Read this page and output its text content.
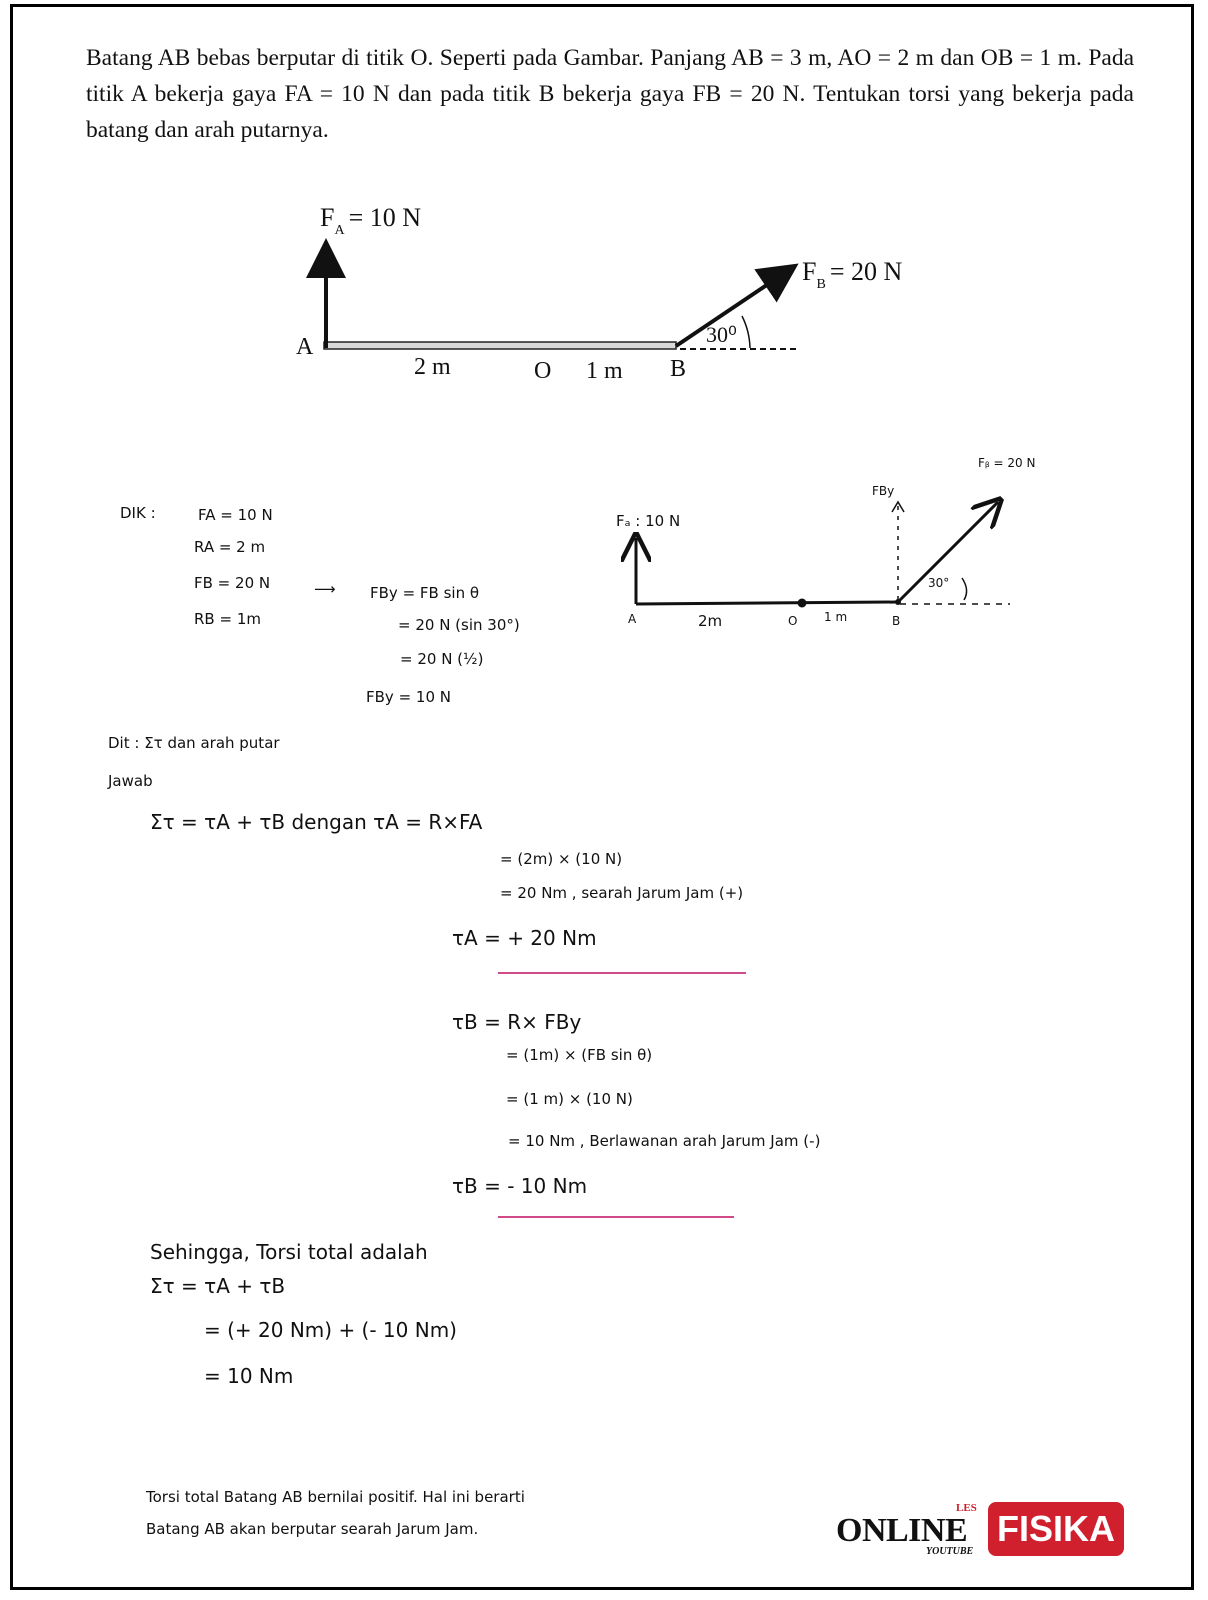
Batang AB bebas berputar di titik O. Seperti pada Gambar. Panjang AB = 3 m, AO = 2 m dan OB = 1 m. Pada titik A bekerja gaya FA = 10 N dan pada titik B bekerja gaya FB = 20 N. Tentukan torsi yang bekerja pada batang dan arah putarnya.
$F_A = 10$ N
$F_B = 20$ N
30⁰
A
2 m	O 1 m B
Fₐ : 10 N
Fᵦ = 20 N
FBy
30°
A	2m	O 1 m	B
DIK :	FA = 10 N
RA = 2 m
FB = 20 N
RB = 1m
⟶ FBy = FB sin θ
= 20 N (sin 30°)
= 20 N (½)
FBy = 10 N
Dit : Στ dan arah putar
Jawab
Στ = τA + τB dengan τA = R×FA
= (2m) × (10 N)
= 20 Nm , searah Jarum Jam (+)
τA = + 20 Nm
τB = R× FBy
= (1m) × (FB sin θ)
= (1 m) × (10 N)
= 10 Nm , Berlawanan arah Jarum Jam (-)
τB = - 10 Nm
Sehingga, Torsi total adalah
Στ = τA + τB
= (+ 20 Nm) + (- 10 Nm)
= 10 Nm
Torsi total Batang AB bernilai positif. Hal ini berarti
Batang AB akan berputar searah Jarum Jam.
LES
ONLINE
YOUTUBE
FISIKA
